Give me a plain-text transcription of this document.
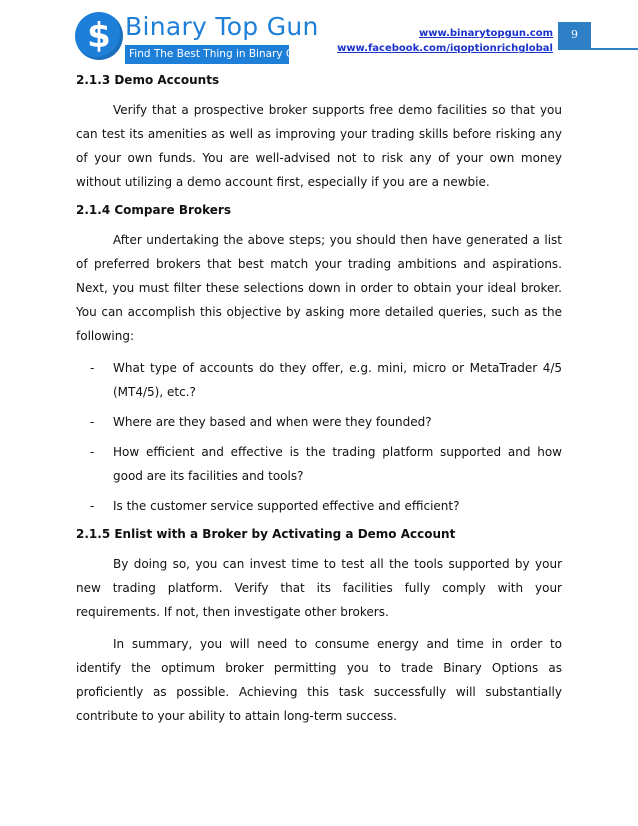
$ Binary Top Gun
Find The Best Thing in Binary Options
www.binarytopgun.com
www.facebook.com/iqoptionrichglobal
9
2.1.3 Demo Accounts

Verify that a prospective broker supports free demo facilities so that you can test its amenities as well as improving your trading skills before risking any of your own funds. You are well-advised not to risk any of your own money without utilizing a demo account first, especially if you are a newbie.

2.1.4 Compare Brokers

After undertaking the above steps; you should then have generated a list of preferred brokers that best match your trading ambitions and aspirations. Next, you must filter these selections down in order to obtain your ideal broker. You can accomplish this objective by asking more detailed queries, such as the following:

- What type of accounts do they offer, e.g. mini, micro or MetaTrader 4/5 (MT4/5), etc.?
- Where are they based and when were they founded?
- How efficient and effective is the trading platform supported and how good are its facilities and tools?
- Is the customer service supported effective and efficient?
2.1.5 Enlist with a Broker by Activating a Demo Account

By doing so, you can invest time to test all the tools supported by your new trading platform. Verify that its facilities fully comply with your requirements. If not, then investigate other brokers.

In summary, you will need to consume energy and time in order to identify the optimum broker permitting you to trade Binary Options as proficiently as possible. Achieving this task successfully will substantially contribute to your ability to attain long-term success.
